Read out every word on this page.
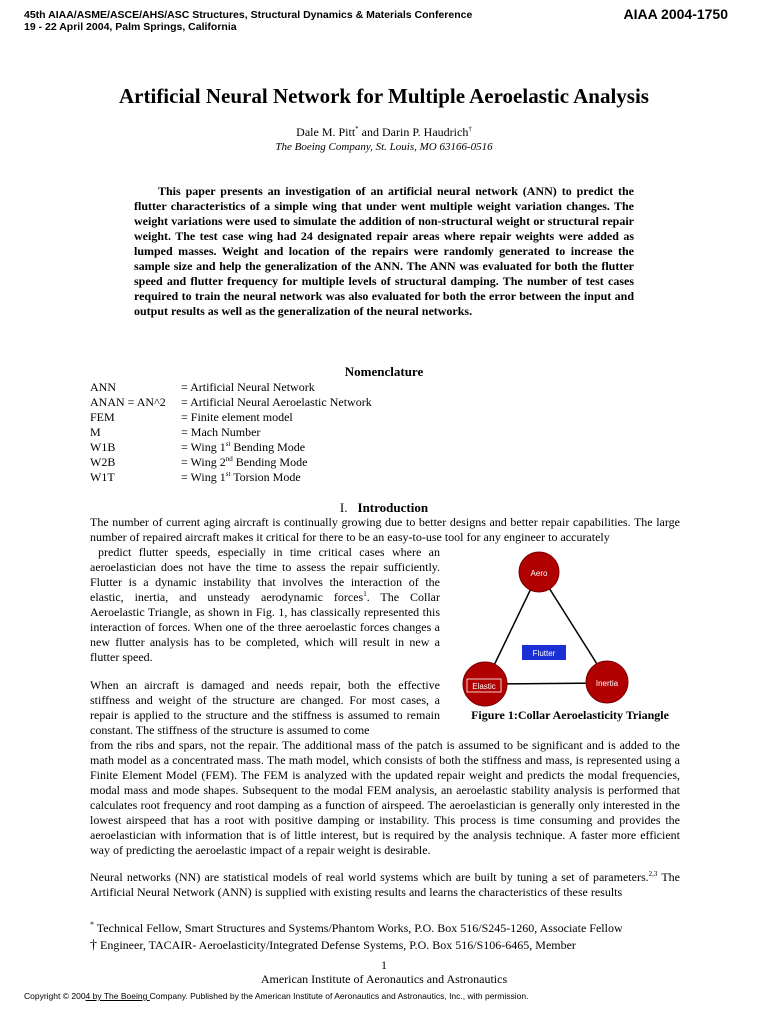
45th AIAA/ASME/ASCE/AHS/ASC Structures, Structural Dynamics & Materials Conference
19 - 22 April 2004, Palm Springs, California
AIAA 2004-1750
Artificial Neural Network for Multiple Aeroelastic Analysis
Dale M. Pitt* and Darin P. Haudrich†
The Boeing Company, St. Louis, MO 63166-0516

This paper presents an investigation of an artificial neural network (ANN) to predict the flutter characteristics of a simple wing that under went multiple weight variation changes. The weight variations were used to simulate the addition of non-structural weight or structural repair weight. The test case wing had 24 designated repair areas where repair weights were added as lumped masses. Weight and location of the repairs were randomly generated to increase the sample size and help the generalization of the ANN. The ANN was evaluated for both the flutter speed and flutter frequency for multiple levels of structural damping. The number of test cases required to train the neural network was also evaluated for both the error between the input and output results as well as the generalization of the neural networks.

Nomenclature
ANN	= Artificial Neural Network
ANAN = AN^2	= Artificial Neural Aeroelastic Network
FEM	= Finite element model
M	= Mach Number
W1B	= Wing 1st Bending Mode
W2B	= Wing 2nd Bending Mode
W1T	= Wing 1st Torsion Mode
I. Introduction

The number of current aging aircraft is continually growing due to better designs and better repair capabilities. The large number of repaired aircraft makes it critical for there to be an easy-to-use tool for any engineer to accurately

predict flutter speeds, especially in time critical cases where an aeroelastician does not have the time to assess the repair sufficiently. Flutter is a dynamic instability that involves the interaction of the elastic, inertia, and unsteady aerodynamic forces$^1$. The Collar Aeroelastic Triangle, as shown in Fig. 1, has classically represented this interaction of forces. When one of the three aeroelastic forces changes a new flutter analysis has to be completed, which will result in new a flutter speed.

When an aircraft is damaged and needs repair, both the effective stiffness and weight of the structure are changed. For most cases, a repair is applied to the structure and the stiffness is assumed to remain constant. The stiffness of the structure is assumed to come

from the ribs and spars, not the repair. The additional mass of the patch is assumed to be significant and is added to the math model as a concentrated mass. The math model, which consists of both the stiffness and mass, is represented using a Finite Element Model (FEM). The FEM is analyzed with the updated repair weight and predicts the modal frequencies, modal mass and mode shapes. Subsequent to the modal FEM analysis, an aeroelastic stability analysis is performed that calculates root frequency and root damping as a function of airspeed. The aeroelastician is generally only interested in the lowest airspeed that has a root with positive damping or instability. This process is time consuming and provides the aeroelastician with information that is of little interest, but is required by the analysis technique. A faster more efficient way of predicting the aeroelastic impact of a repair weight is desirable.

Neural networks (NN) are statistical models of real world systems which are built by tuning a set of parameters.$^{2,3}$ The Artificial Neural Network (ANN) is supplied with existing results and learns the characteristics of these results

Aero
Elastic	Inertia
Flutter
Figure 1:Collar Aeroelasticity Triangle
* Technical Fellow, Smart Structures and Systems/Phantom Works, P.O. Box 516/S245-1260, Associate Fellow
† Engineer, TACAIR- Aeroelasticity/Integrated Defense Systems, P.O. Box 516/S106-6465, Member
1
American Institute of Aeronautics and Astronautics
Copyright © 2004 by The Boeing Company. Published by the American Institute of Aeronautics and Astronautics, Inc., with permission.
